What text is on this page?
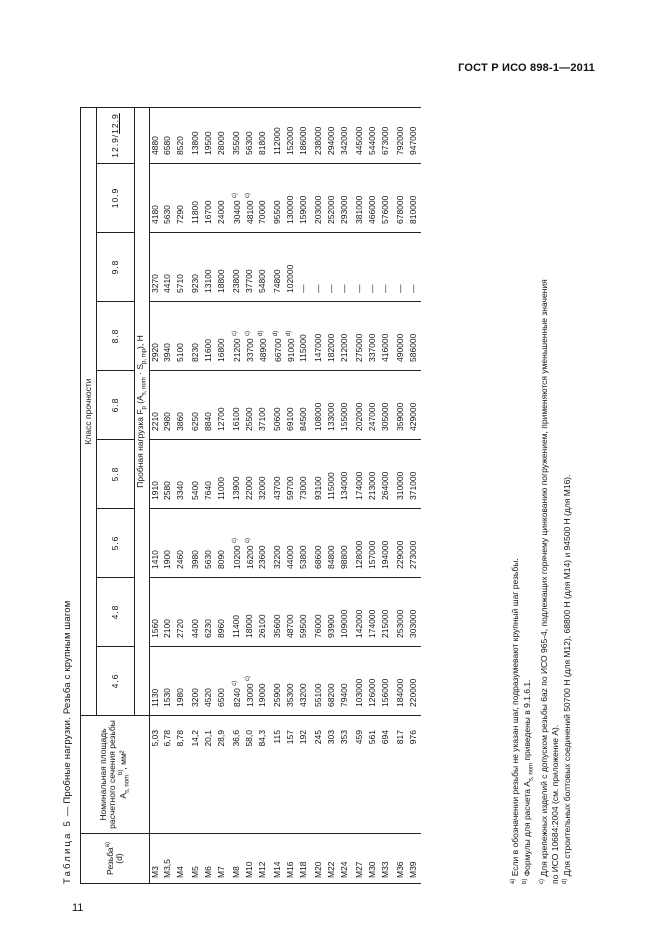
ГОСТ Р ИСО 898-1—2011
Таблица 5 — Пробные нагрузки. Резьба с крупным шагом
Резьба$^{a)}$
(d)	Номинальная площадь
расчетного сечения резьбы
$A_{s, nom}^{b)}$, мм²	Класс прочности								
		4.6	4.8	5.6	5.8	6.8	8.8	9.8	10.9	12.9/12.9
		Пробная нагрузка $F_p$ $(A_{s, nom} \cdot S_{p, mp})$, Н								
M3	5,03	1130	1560	1410	1910	2210	2920	3270	4180	4880
M3,5	6,78	1530	2100	1900	2580	2980	3940	4410	5630	6580
M4	8,78	1980	2720	2460	3340	3860	5100	5710	7290	8520
M5	14,2	3200	4400	3980	5400	6250	8230	9230	11800	13800
M6	20,1	4520	6230	5630	7640	8840	11600	13100	16700	19500
M7	28,9	6500	8960	8090	11000	12700	16800	18800	24000	28000
M8	36,6	8240 $^{c)}$	11400	10200 $^{c)}$	13900	16100	21200 $^{c)}$	23800	30400 $^{c)}$	35500
M10	58,0	13000 $^{c)}$	18000	16200 $^{c)}$	22000	25500	33700 $^{c)}$	37700	48100 $^{c)}$	56300
M12	84,3	19000	26100	23600	32000	37100	48900 $^{d)}$	54800	70000	81800
M14	115	25900	35600	32200	43700	50600	66700 $^{d)}$	74800	95500	112000
M16	157	35300	48700	44000	59700	69100	91000 $^{d)}$	102000	130000	152000
M18	192	43200	59500	53800	73000	84500	115000	—	159000	186000
M20	245	55100	76000	68600	93100	108000	147000	—	203000	238000
M22	303	68200	93900	84800	115000	133000	182000	—	252000	294000
M24	353	79400	109000	98800	134000	155000	212000	—	293000	342000
M27	459	103000	142000	128000	174000	202000	275000	—	381000	445000
M30	561	126000	174000	157000	213000	247000	337000	—	466000	544000
M33	694	156000	215000	194000	264000	305000	416000	—	576000	673000
M36	817	184000	253000	229000	310000	359000	490000	—	678000	792000
M39	976	220000	303000	273000	371000	429000	586000	—	810000	947000
$^{a)}$ Если в обозначении резьбы не указан шаг, подразумевают крупный шаг резьбы.
$^{b)}$ Формулы для расчета $A_{s, nom}$ приведены в 9.1.6.1.
$^{c)}$ Для крепежных изделий с допуском резьбы 6az по ИСО 965-4, подлежащих горячему цинкованию погружением, применяются уменьшенные значения по ИСО 10684:2004 (см. приложение А). $^{d)}$ Для строительных болтовых соединений 50700 Н (для М12), 68800 Н (для М14) и 94500 Н (для М16).
11
